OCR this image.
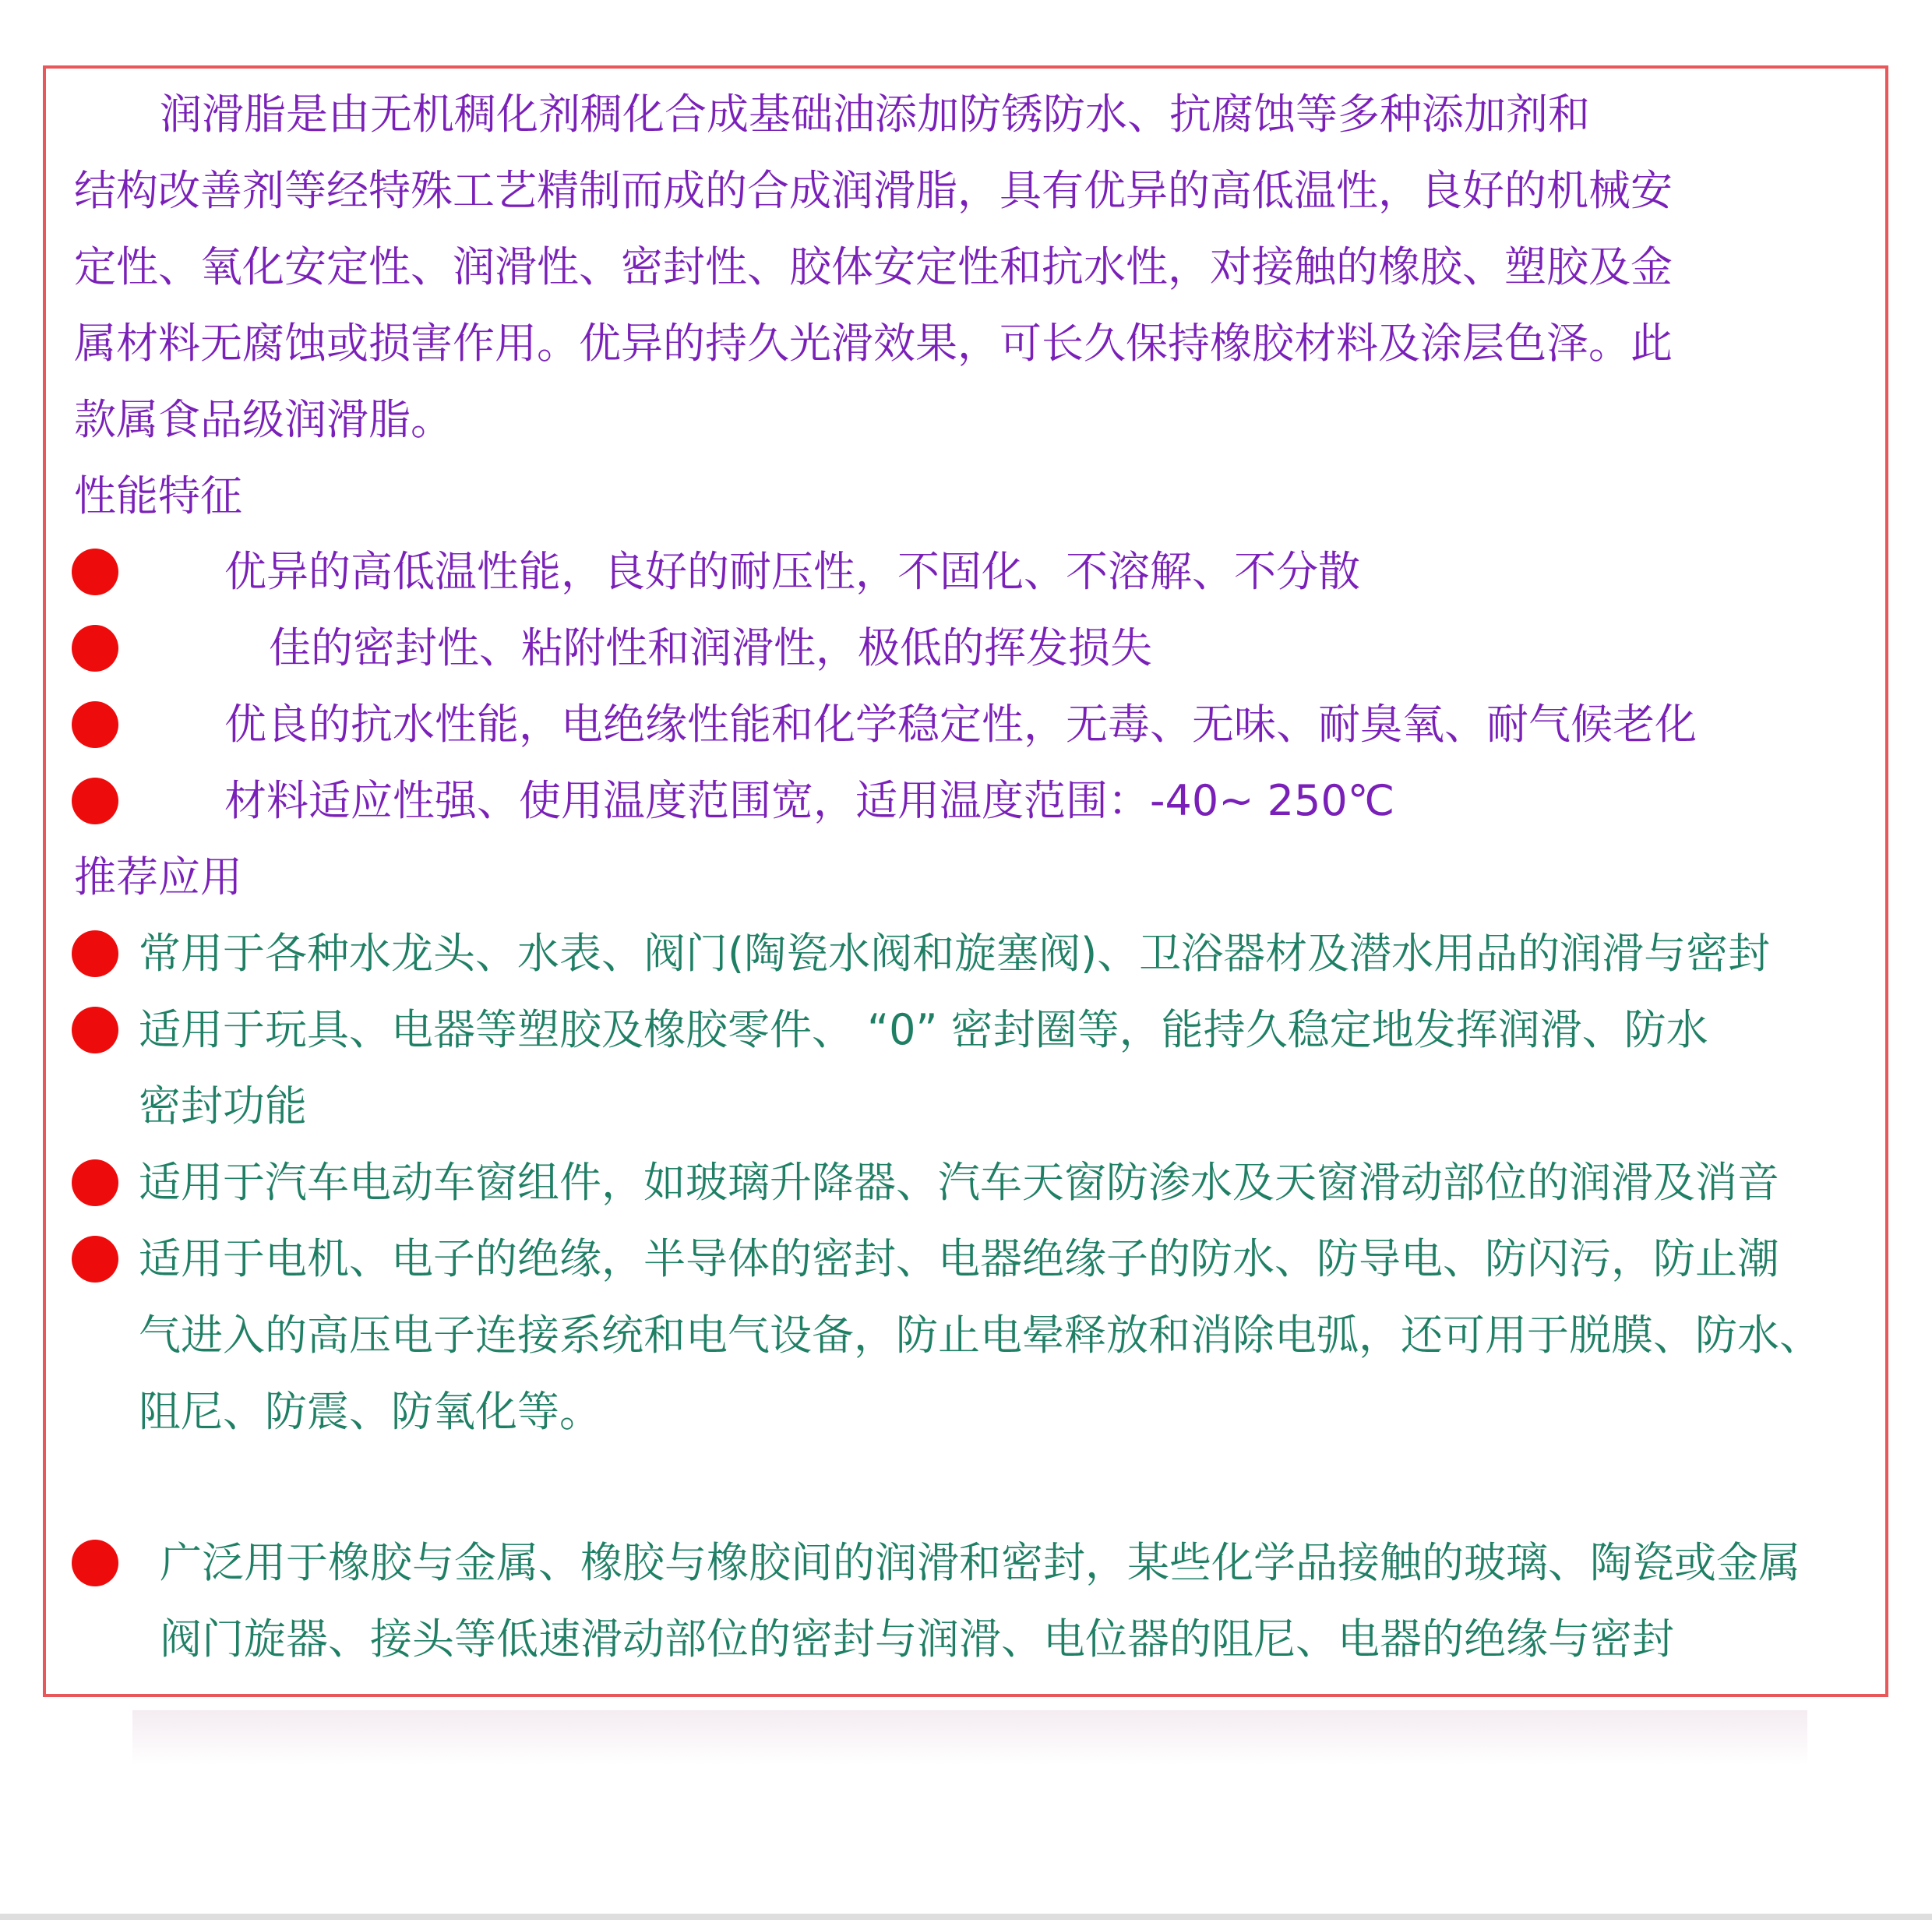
润滑脂是由无机稠化剂稠化合成基础油添加防锈防水、抗腐蚀等多种添加剂和
结构改善剂等经特殊工艺精制而成的合成润滑脂，具有优异的高低温性，良好的机械安
定性、氧化安定性、润滑性、密封性、胶体安定性和抗水性，对接触的橡胶、塑胶及金
属材料无腐蚀或损害作用。优异的持久光滑效果，可长久保持橡胶材料及涂层色泽。此
款属食品级润滑脂。
性能特征
优异的高低温性能，良好的耐压性，不固化、不溶解、不分散
佳的密封性、粘附性和润滑性，极低的挥发损失
优良的抗水性能，电绝缘性能和化学稳定性，无毒、无味、耐臭氧、耐气候老化
材料适应性强、使用温度范围宽，适用温度范围：-40~ 250℃
推荐应用
常用于各种水龙头、水表、阀门(陶瓷水阀和旋塞阀)、卫浴器材及潜水用品的润滑与密封
适用于玩具、电器等塑胶及橡胶零件、 “0” 密封圈等，能持久稳定地发挥润滑、防水
密封功能
适用于汽车电动车窗组件，如玻璃升降器、汽车天窗防渗水及天窗滑动部位的润滑及消音
适用于电机、电子的绝缘，半导体的密封、电器绝缘子的防水、防导电、防闪污，防止潮
气进入的高压电子连接系统和电气设备，防止电晕释放和消除电弧，还可用于脱膜、防水、
阻尼、防震、防氧化等。
广泛用于橡胶与金属、橡胶与橡胶间的润滑和密封，某些化学品接触的玻璃、陶瓷或金属
阀门旋器、接头等低速滑动部位的密封与润滑、电位器的阻尼、电器的绝缘与密封
